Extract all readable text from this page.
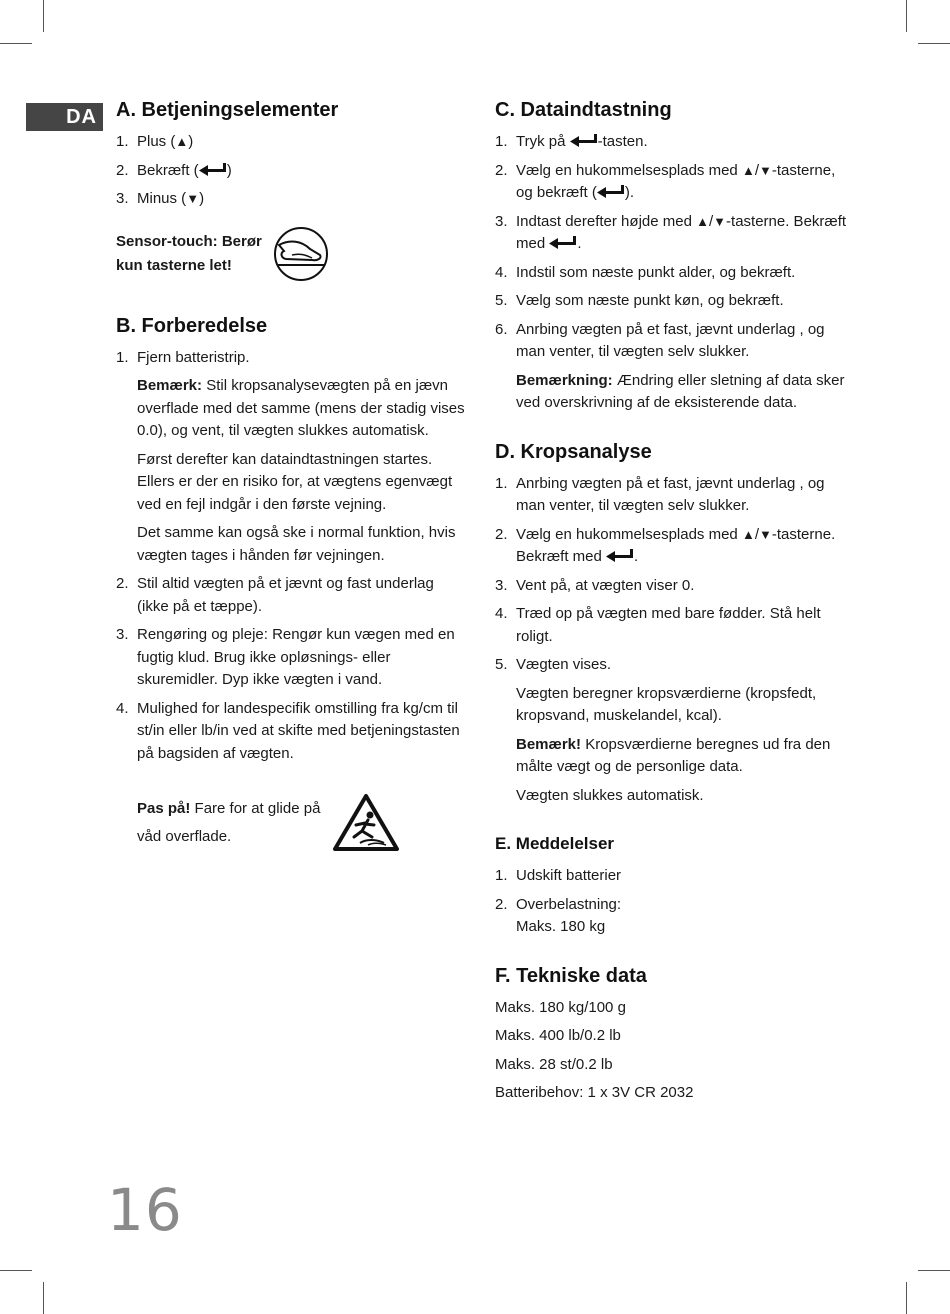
DA A. Betjeningselementer
1. Plus (▲)
2. Bekræft ( )
3. Minus (▼)
Sensor-touch: Berør
kun tasterne let!
B. Forberedelse
1. Fjern batteristrip.
Bemærk: Stil kropsanalysevægten på en jævn overflade med det samme (mens der stadig vises 0.0), og vent, til vægten slukkes automatisk.
Først derefter kan dataindtastningen startes. Ellers er der en risiko for, at vægtens egenvægt ved en fejl indgår i den første vejning.
Det samme kan også ske i normal funktion, hvis vægten tages i hånden før vejningen.
2. Stil altid vægten på et jævnt og fast underlag (ikke på et tæppe).
3. Rengøring og pleje: Rengør kun vægen med en fugtig klud. Brug ikke opløsnings- eller skuremidler. Dyp ikke vægten i vand.
4. Mulighed for landespecifik omstilling fra kg/cm til st/in eller lb/in ved at skifte med betjeningstasten på bagsiden af vægten.
Pas på! Fare for at glide på våd overflade.
C. Dataindtastning
1. Tryk på -tasten.
2. Vælg en hukommelsesplads med ▲/▼-tasterne, og bekræft ( ).
3. Indtast derefter højde med ▲/▼-tasterne. Bekræft med .
4. Indstil som næste punkt alder, og bekræft.
5. Vælg som næste punkt køn, og bekræft.
6. Anrbing vægten på et fast, jævnt underlag , og man venter, til vægten selv slukker.
Bemærkning: Ændring eller sletning af data sker ved overskrivning af de eksisterende data.
D. Kropsanalyse
1. Anrbing vægten på et fast, jævnt underlag , og man venter, til vægten selv slukker.
2. Vælg en hukommelsesplads med ▲/▼-tasterne. Bekræft med .
3. Vent på, at vægten viser 0.
4. Træd op på vægten med bare fødder. Stå helt roligt.
5. Vægten vises.
Vægten beregner kropsværdierne (kropsfedt, kropsvand, muskelandel, kcal).
Bemærk! Kropsværdierne beregnes ud fra den målte vægt og de personlige data.
Vægten slukkes automatisk.
E. Meddelelser
1. Udskift batterier
2. Overbelastning:
Maks. 180 kg
F. Tekniske data
Maks. 180 kg/100 g
Maks. 400 lb/0.2 lb
Maks. 28 st/0.2 lb
Batteribehov: 1 x 3V CR 2032
16
